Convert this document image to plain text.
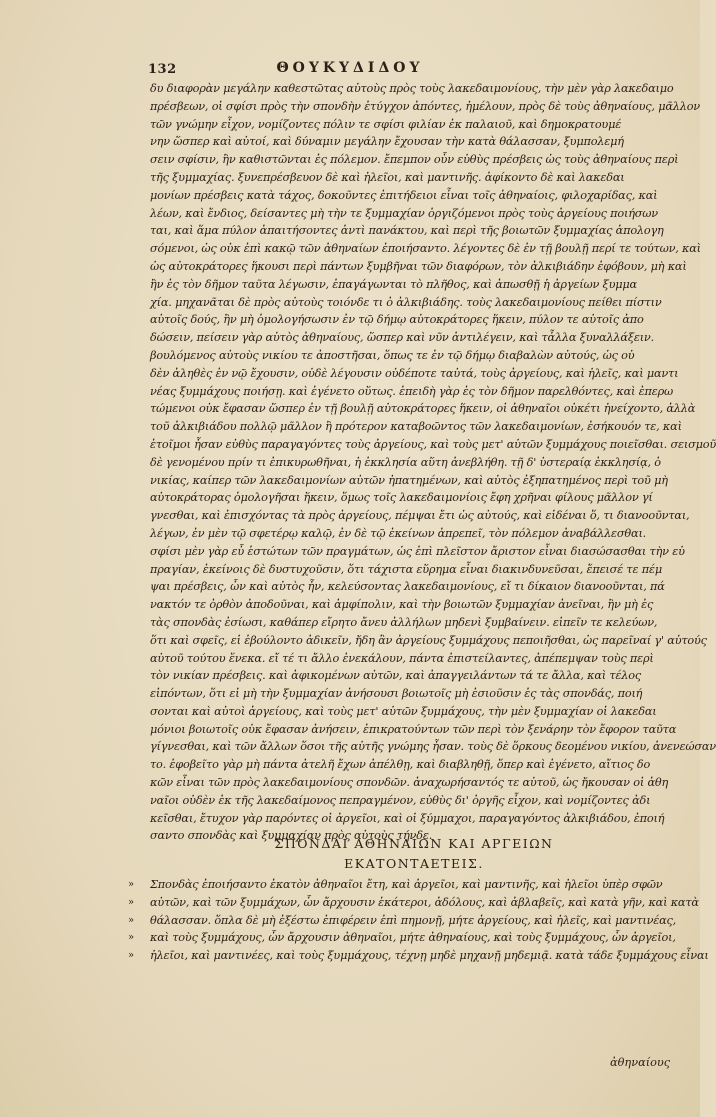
132	ΘΟΥΚΥΔΙΔΟΥ
δυ διαφορὰν μεγάλην καθεστῶτας αὐτοὺς πρὸς τοὺς λακεδαιμονίους, τὴν μὲν γὰρ λακεδαιμο
πρέσβεων, οἱ σφίσι πρὸς τὴν σπονδὴν ἐτύγχον ἀπόντες, ἠμέλουν, πρὸς δὲ τοὺς ἀθηναίους, μᾶλλον
τῶν γνώμην εἶχον, νομίζοντες πόλιν τε σφίσι φιλίαν ἐκ παλαιοῦ, καὶ δημοκρατουμέ
νην ὥσπερ καὶ αὐτοί, καὶ δύναμιν μεγάλην ἔχουσαν τὴν κατὰ θάλασσαν, ξυμπολεμή
σειν σφίσιν, ἢν καθιστῶνται ἐς πόλεμον. ἔπεμπον οὖν εὐθὺς πρέσβεις ὡς τοὺς ἀθηναίους περὶ
τῆς ξυμμαχίας. ξυνεπρέσβευον δὲ καὶ ἠλεῖοι, καὶ μαντινῆς. ἀφίκοντο δὲ καὶ λακεδαι
μονίων πρέσβεις κατὰ τάχος, δοκοῦντες ἐπιτήδειοι εἶναι τοῖς ἀθηναίοις, φιλοχαρίδας, καὶ
λέων, καὶ ἔνδιος, δείσαντες μὴ τὴν τε ξυμμαχίαν ὀργιζόμενοι πρὸς τοὺς ἀργείους ποιήσων
ται, καὶ ἅμα πύλον ἀπαιτήσοντες ἀντὶ πανάκτου, καὶ περὶ τῆς βοιωτῶν ξυμμαχίας ἀπολογη
σόμενοι, ὡς οὐκ ἐπὶ κακῷ τῶν ἀθηναίων ἐποιήσαντο. λέγοντες δὲ ἐν τῇ βουλῇ περί τε τούτων, καὶ
ὡς αὐτοκράτορες ἥκουσι περὶ πάντων ξυμβῆναι τῶν διαφόρων, τὸν ἀλκιβιάδην ἐφόβουν, μὴ καὶ
ἢν ἐς τὸν δῆμον ταῦτα λέγωσιν, ἐπαγάγωνται τὸ πλῆθος, καὶ ἀπωσθῇ ἡ ἀργείων ξυμμα
χία. μηχανᾶται δὲ πρὸς αὐτοὺς τοιόνδε τι ὁ ἀλκιβιάδης. τοὺς λακεδαιμονίους πείθει πίστιν
αὐτοῖς δούς, ἢν μὴ ὁμολογήσωσιν ἐν τῷ δήμῳ αὐτοκράτορες ἥκειν, πύλον τε αὐτοῖς ἀπο
δώσειν, πείσειν γὰρ αὐτὸς ἀθηναίους, ὥσπερ καὶ νῦν ἀντιλέγειν, καὶ τἆλλα ξυναλλάξειν.
βουλόμενος αὐτοὺς νικίου τε ἀποστῆσαι, ὅπως τε ἐν τῷ δήμῳ διαβαλὼν αὐτούς, ὡς οὐ
δὲν ἀληθὲς ἐν νῷ ἔχουσιν, οὐδὲ λέγουσιν οὐδέποτε ταὐτά, τοὺς ἀργείους, καὶ ἠλεῖς, καὶ μαντι
νέας ξυμμάχους ποιήσῃ. καὶ ἐγένετο οὕτως. ἐπειδὴ γὰρ ἐς τὸν δῆμον παρελθόντες, καὶ ἐπερω
τώμενοι οὐκ ἔφασαν ὥσπερ ἐν τῇ βουλῇ αὐτοκράτορες ἥκειν, οἱ ἀθηναῖοι οὐκέτι ἠνείχοντο, ἀλλὰ
τοῦ ἀλκιβιάδου πολλῷ μᾶλλον ἢ πρότερον καταβοῶντος τῶν λακεδαιμονίων, ἐσήκουόν τε, καὶ
ἑτοῖμοι ἦσαν εὐθὺς παραγαγόντες τοὺς ἀργείους, καὶ τοὺς μετ' αὐτῶν ξυμμάχους ποιεῖσθαι. σεισμοῦ
δὲ γενομένου πρίν τι ἐπικυρωθῆναι, ἡ ἐκκλησία αὕτη ἀνεβλήθη. τῇ δ' ὑστεραίᾳ ἐκκλησίᾳ, ὁ
νικίας, καίπερ τῶν λακεδαιμονίων αὐτῶν ἠπατημένων, καὶ αὐτὸς ἐξηπατημένος περὶ τοῦ μὴ
αὐτοκράτορας ὁμολογῆσαι ἥκειν, ὅμως τοῖς λακεδαιμονίοις ἔφη χρῆναι φίλους μᾶλλον γί
γνεσθαι, καὶ ἐπισχόντας τὰ πρὸς ἀργείους, πέμψαι ἔτι ὡς αὐτούς, καὶ εἰδέναι ὅ, τι διανοοῦνται,
λέγων, ἐν μὲν τῷ σφετέρῳ καλῷ, ἐν δὲ τῷ ἐκείνων ἀπρεπεῖ, τὸν πόλεμον ἀναβάλλεσθαι.
σφίσι μὲν γὰρ εὖ ἑστώτων τῶν πραγμάτων, ὡς ἐπὶ πλεῖστον ἄριστον εἶναι διασώσασθαι τὴν εὐ
πραγίαν, ἐκείνοις δὲ δυστυχοῦσιν, ὅτι τάχιστα εὕρημα εἶναι διακινδυνεῦσαι, ἔπεισέ τε πέμ
ψαι πρέσβεις, ὧν καὶ αὐτὸς ἦν, κελεύσοντας λακεδαιμονίους, εἴ τι δίκαιον διανοοῦνται, πά
νακτόν τε ὀρθὸν ἀποδοῦναι, καὶ ἀμφίπολιν, καὶ τὴν βοιωτῶν ξυμμαχίαν ἀνεῖναι, ἢν μὴ ἐς
τὰς σπονδὰς ἐσίωσι, καθάπερ εἴρητο ἄνευ ἀλλήλων μηδενὶ ξυμβαίνειν. εἰπεῖν τε κελεύων,
ὅτι καὶ σφεῖς, εἰ ἐβούλοντο ἀδικεῖν, ἤδη ἂν ἀργείους ξυμμάχους πεποιῆσθαι, ὡς παρεῖναί γ' αὐτούς
αὐτοῦ τούτου ἕνεκα. εἴ τέ τι ἄλλο ἐνεκάλουν, πάντα ἐπιστείλαντες, ἀπέπεμψαν τοὺς περὶ
τὸν νικίαν πρέσβεις. καὶ ἀφικομένων αὐτῶν, καὶ ἀπαγγειλάντων τά τε ἄλλα, καὶ τέλος
εἰπόντων, ὅτι εἰ μὴ τὴν ξυμμαχίαν ἀνήσουσι βοιωτοῖς μὴ ἐσιοῦσιν ἐς τὰς σπονδάς, ποιή
σονται καὶ αὐτοὶ ἀργείους, καὶ τοὺς μετ' αὐτῶν ξυμμάχους, τὴν μὲν ξυμμαχίαν οἱ λακεδαι
μόνιοι βοιωτοῖς οὐκ ἔφασαν ἀνήσειν, ἐπικρατούντων τῶν περὶ τὸν ξενάρην τὸν ἔφορον ταῦτα
γίγνεσθαι, καὶ τῶν ἄλλων ὅσοι τῆς αὐτῆς γνώμης ἦσαν. τοὺς δὲ ὅρκους δεομένου νικίου, ἀνενεώσαν
το. ἐφοβεῖτο γὰρ μὴ πάντα ἀτελῆ ἔχων ἀπέλθῃ, καὶ διαβληθῇ, ὅπερ καὶ ἐγένετο, αἴτιος δο
κῶν εἶναι τῶν πρὸς λακεδαιμονίους σπονδῶν. ἀναχωρήσαντός τε αὐτοῦ, ὡς ἤκουσαν οἱ ἀθη
ναῖοι οὐδὲν ἐκ τῆς λακεδαίμονος πεπραγμένον, εὐθὺς δι' ὀργῆς εἶχον, καὶ νομίζοντες ἀδι
κεῖσθαι, ἔτυχον γὰρ παρόντες οἱ ἀργεῖοι, καὶ οἱ ξύμμαχοι, παραγαγόντος ἀλκιβιάδου, ἐποιή
σαντο σπονδὰς καὶ ξυμμαχίαν πρὸς αὐτοὺς τήνδε.
ΣΠΟΝΔΑΙ ΑΘΗΝΑΙΩΝ ΚΑΙ ΑΡΓΕΙΩΝ
ΕΚΑΤΟΝΤΑΕΤΕΙΣ.
» Σπονδὰς ἐποιήσαντο ἑκατὸν ἀθηναῖοι ἔτη, καὶ ἀργεῖοι, καὶ μαντινῆς, καὶ ἠλεῖοι ὑπὲρ σφῶν
» αὐτῶν, καὶ τῶν ξυμμάχων, ὧν ἄρχουσιν ἑκάτεροι, ἀδόλους, καὶ ἀβλαβεῖς, καὶ κατὰ γῆν, καὶ κατὰ
» θάλασσαν. ὅπλα δὲ μὴ ἐξέστω ἐπιφέρειν ἐπὶ πημονῇ, μήτε ἀργείους, καὶ ἠλεῖς, καὶ μαντινέας,
» καὶ τοὺς ξυμμάχους, ὧν ἄρχουσιν ἀθηναῖοι, μήτε ἀθηναίους, καὶ τοὺς ξυμμάχους, ὧν ἀργεῖοι,
» ἠλεῖοι, καὶ μαντινέες, καὶ τοὺς ξυμμάχους, τέχνῃ μηδὲ μηχανῇ μηδεμιᾷ. κατὰ τάδε ξυμμάχους εἶναι
ἀθηναίους
